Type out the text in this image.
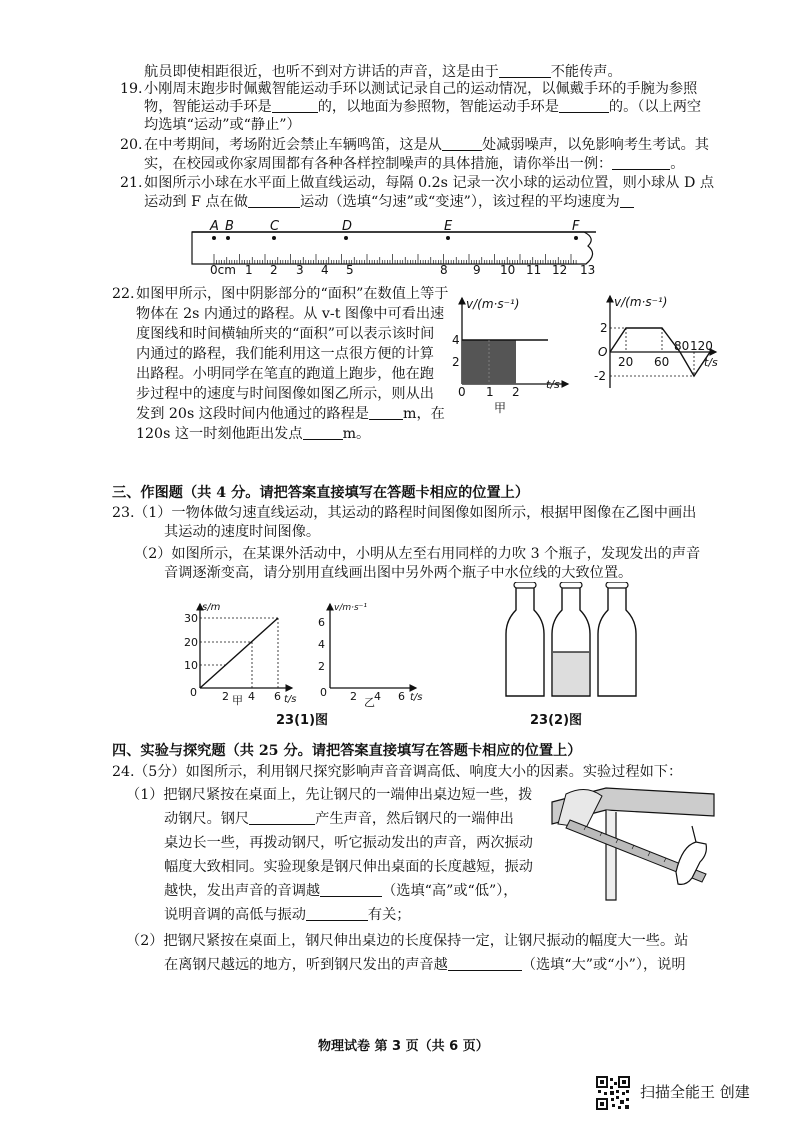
航员即使相距很近，也听不到对方讲话的声音，这是由于	不能传声。
19. 小刚周末跑步时佩戴智能运动手环以测试记录自己的运动情况，以佩戴手环的手腕为参照
物，智能运动手环是	的，以地面为参照物，智能运动手环是	的。（以上两空
均选填“运动”或“静止”）
20. 在中考期间，考场附近会禁止车辆鸣笛，这是从	处减弱噪声，以免影响考生考试。其
实，在校园或你家周围都有各种各样控制噪声的具体措施，请你举出一例：	。
21. 如图所示小球在水平面上做直线运动，每隔 0.2s 记录一次小球的运动位置，则小球从 D 点
运动到 F 点在做	运动（选填“匀速”或“变速”），该过程的平均速度为
A B	C	D	E	F
0cm 1 2 3 4 5	8 9 10 11 12 13
22. 如图甲所示，图中阴影部分的“面积”在数值上等于
物体在 2s 内通过的路程。从 v-t 图像中可看出速
度图线和时间横轴所夹的“面积”可以表示该时间
内通过的路程，我们能利用这一点很方便的计算
出路程。小明同学在笔直的跑道上跑步，他在跑
步过程中的速度与时间图像如图乙所示，则从出
发到 20s 这段时间内他通过的路程是 m，在
120s 这一时刻他距出发点	m。
v/(m·s⁻¹)
t/s
4
2
0 1 2
甲
v/(m·s⁻¹)
t/s
2
O
-2
20 60
80 120
三、作图题（共 4 分。请把答案直接填写在答题卡相应的位置上）
23. （1）一物体做匀速直线运动，其运动的路程时间图像如图所示，根据甲图像在乙图中画出
其运动的速度时间图像。
（2）如图所示，在某课外活动中，小明从左至右用同样的力吹 3 个瓶子，发现发出的声音
音调逐渐变高，请分别用直线画出图中另外两个瓶子中水位线的大致位置。
s/m
t/s
30
20
10
0 2 4 6
甲
v/m·s⁻¹
t/s
6
4
2
0 2 4 6
乙
23(1)图	23(2)图
四、实验与探究题（共 25 分。请把答案直接填写在答题卡相应的位置上）
24. （5分）如图所示，利用钢尺探究影响声音音调高低、响度大小的因素。实验过程如下：
（1）把钢尺紧按在桌面上，先让钢尺的一端伸出桌边短一些，拨
动钢尺。钢尺	产生声音，然后钢尺的一端伸出
桌边长一些，再拨动钢尺，听它振动发出的声音，两次振动
幅度大致相同。实验现象是钢尺伸出桌面的长度越短，振动
越快，发出声音的音调越	（选填“高”或“低”），
说明音调的高低与振动	有关；
（2）把钢尺紧按在桌面上，钢尺伸出桌边的长度保持一定，让钢尺振动的幅度大一些。站
在离钢尺越远的地方，听到钢尺发出的声音越	（选填“大”或“小”），说明
物理试卷 第 3 页（共 6 页）
扫描全能王 创建
